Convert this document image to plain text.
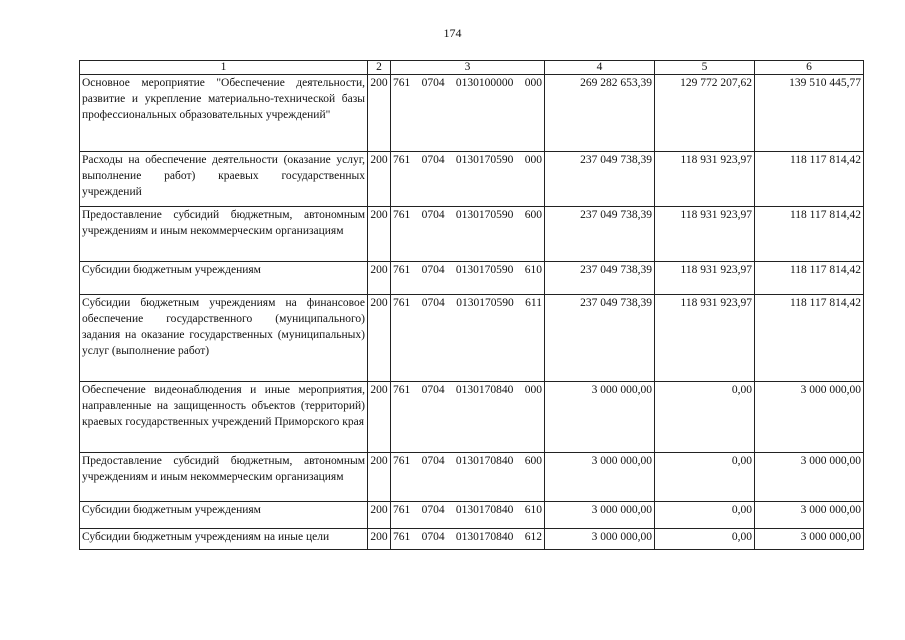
174
1	2	3	4	5	6
Основное мероприятие "Обеспечение деятельности, развитие и укрепление материально-технической базы профессиональных образовательных учреждений"	200	761 0704 0130100000 000	269 282 653,39	129 772 207,62	139 510 445,77
Расходы на обеспечение деятельности (оказание услуг, выполнение работ) краевых государственных учреждений	200	761 0704 0130170590 000	237 049 738,39	118 931 923,97	118 117 814,42
Предоставление субсидий бюджетным, автономным учреждениям и иным некоммерческим организациям	200	761 0704 0130170590 600	237 049 738,39	118 931 923,97	118 117 814,42
Субсидии бюджетным учреждениям	200	761 0704 0130170590 610	237 049 738,39	118 931 923,97	118 117 814,42
Субсидии бюджетным учреждениям на финансовое обеспечение государственного (муниципального) задания на оказание государственных (муниципальных) услуг (выполнение работ)	200	761 0704 0130170590 611	237 049 738,39	118 931 923,97	118 117 814,42
Обеспечение видеонаблюдения и иные мероприятия, направленные на защищенность объектов (территорий) краевых государственных учреждений Приморского края	200	761 0704 0130170840 000	3 000 000,00	0,00	3 000 000,00
Предоставление субсидий бюджетным, автономным учреждениям и иным некоммерческим организациям	200	761 0704 0130170840 600	3 000 000,00	0,00	3 000 000,00
Субсидии бюджетным учреждениям	200	761 0704 0130170840 610	3 000 000,00	0,00	3 000 000,00
Субсидии бюджетным учреждениям на иные цели	200	761 0704 0130170840 612	3 000 000,00	0,00	3 000 000,00
